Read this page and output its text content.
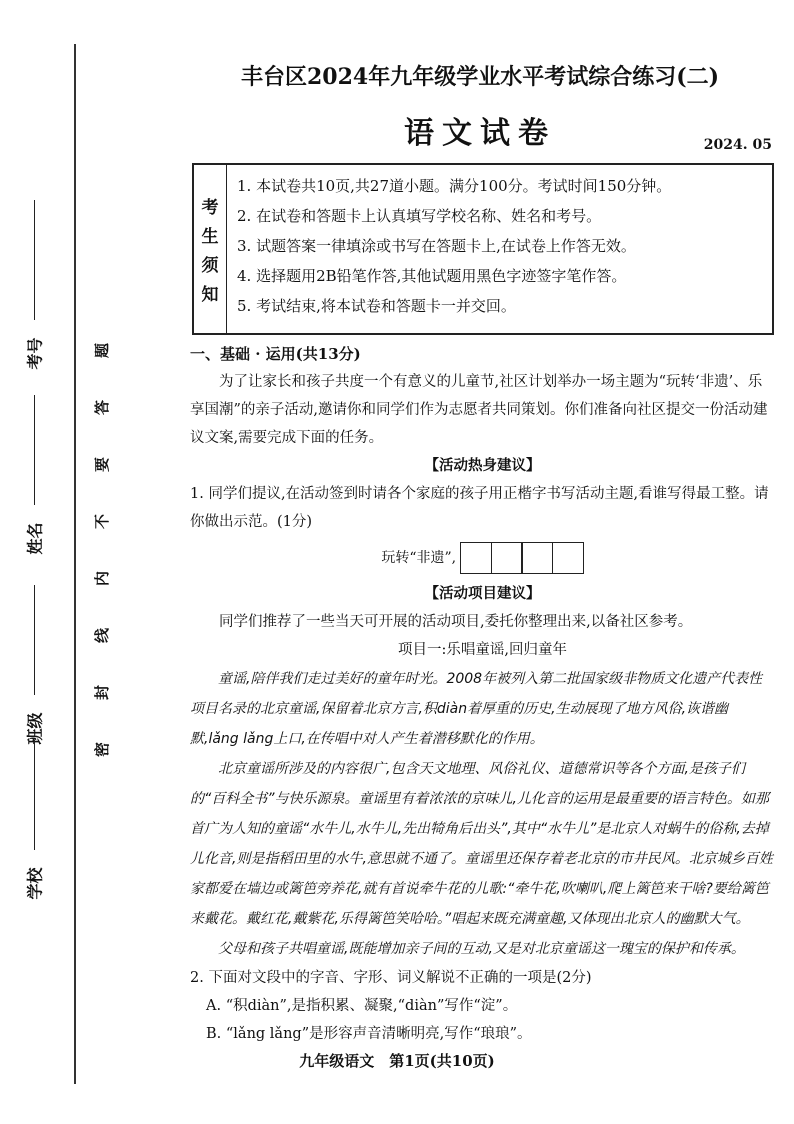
题
答
要
不
内
线
封
密
考号
姓名
班级
学校
丰台区2024年九年级学业水平考试综合练习(二)
语文试卷	2024. 05
考
生
须
知
1. 本试卷共10页,共27道小题。满分100分。考试时间150分钟。
2. 在试卷和答题卡上认真填写学校名称、姓名和考号。
3. 试题答案一律填涂或书写在答题卡上,在试卷上作答无效。
4. 选择题用2B铅笔作答,其他试题用黑色字迹签字笔作答。
5. 考试结束,将本试卷和答题卡一并交回。
一、基础 · 运用(共13分)
为了让家长和孩子共度一个有意义的儿童节,社区计划举办一场主题为“玩转‘非遗’、乐享国潮”的亲子活动,邀请你和同学们作为志愿者共同策划。你们准备向社区提交一份活动建议文案,需要完成下面的任务。
【活动热身建议】
1. 同学们提议,在活动签到时请各个家庭的孩子用正楷字书写活动主题,看谁写得最工整。请你做出示范。(1分)
玩转“非遗”,
【活动项目建议】
同学们推荐了一些当天可开展的活动项目,委托你整理出来,以备社区参考。
项目一:乐唱童谣,回归童年
童谣,陪伴我们走过美好的童年时光。2008年被列入第二批国家级非物质文化遗产代表性项目名录的北京童谣,保留着北京方言,积diàn着厚重的历史,生动展现了地方风俗,诙谐幽默,lǎng lǎng上口,在传唱中对人产生着潜移默化的作用。
北京童谣所涉及的内容很广,包含天文地理、风俗礼仪、道德常识等各个方面,是孩子们的“百科全书”与快乐源泉。童谣里有着浓浓的京味儿,儿化音的运用是最重要的语言特色。如那首广为人知的童谣“水牛儿,水牛儿,先出犄角后出头”,其中“水牛儿”是北京人对蜗牛的俗称,去掉儿化音,则是指稻田里的水牛,意思就不通了。童谣里还保存着老北京的市井民风。北京城乡百姓家都爱在墙边或篱笆旁养花,就有首说牵牛花的儿歌:“牵牛花,吹喇叭,爬上篱笆来干啥?要给篱笆来戴花。戴红花,戴紫花,乐得篱笆笑哈哈。”唱起来既充满童趣,又体现出北京人的幽默大气。
父母和孩子共唱童谣,既能增加亲子间的互动,又是对北京童谣这一瑰宝的保护和传承。
2. 下面对文段中的字音、字形、词义解说不正确的一项是(2分)
A. “积diàn”,是指积累、凝聚,“diàn”写作“淀”。
B. “lǎng lǎng”是形容声音清晰明亮,写作“琅琅”。
九年级语文　第1页(共10页)
